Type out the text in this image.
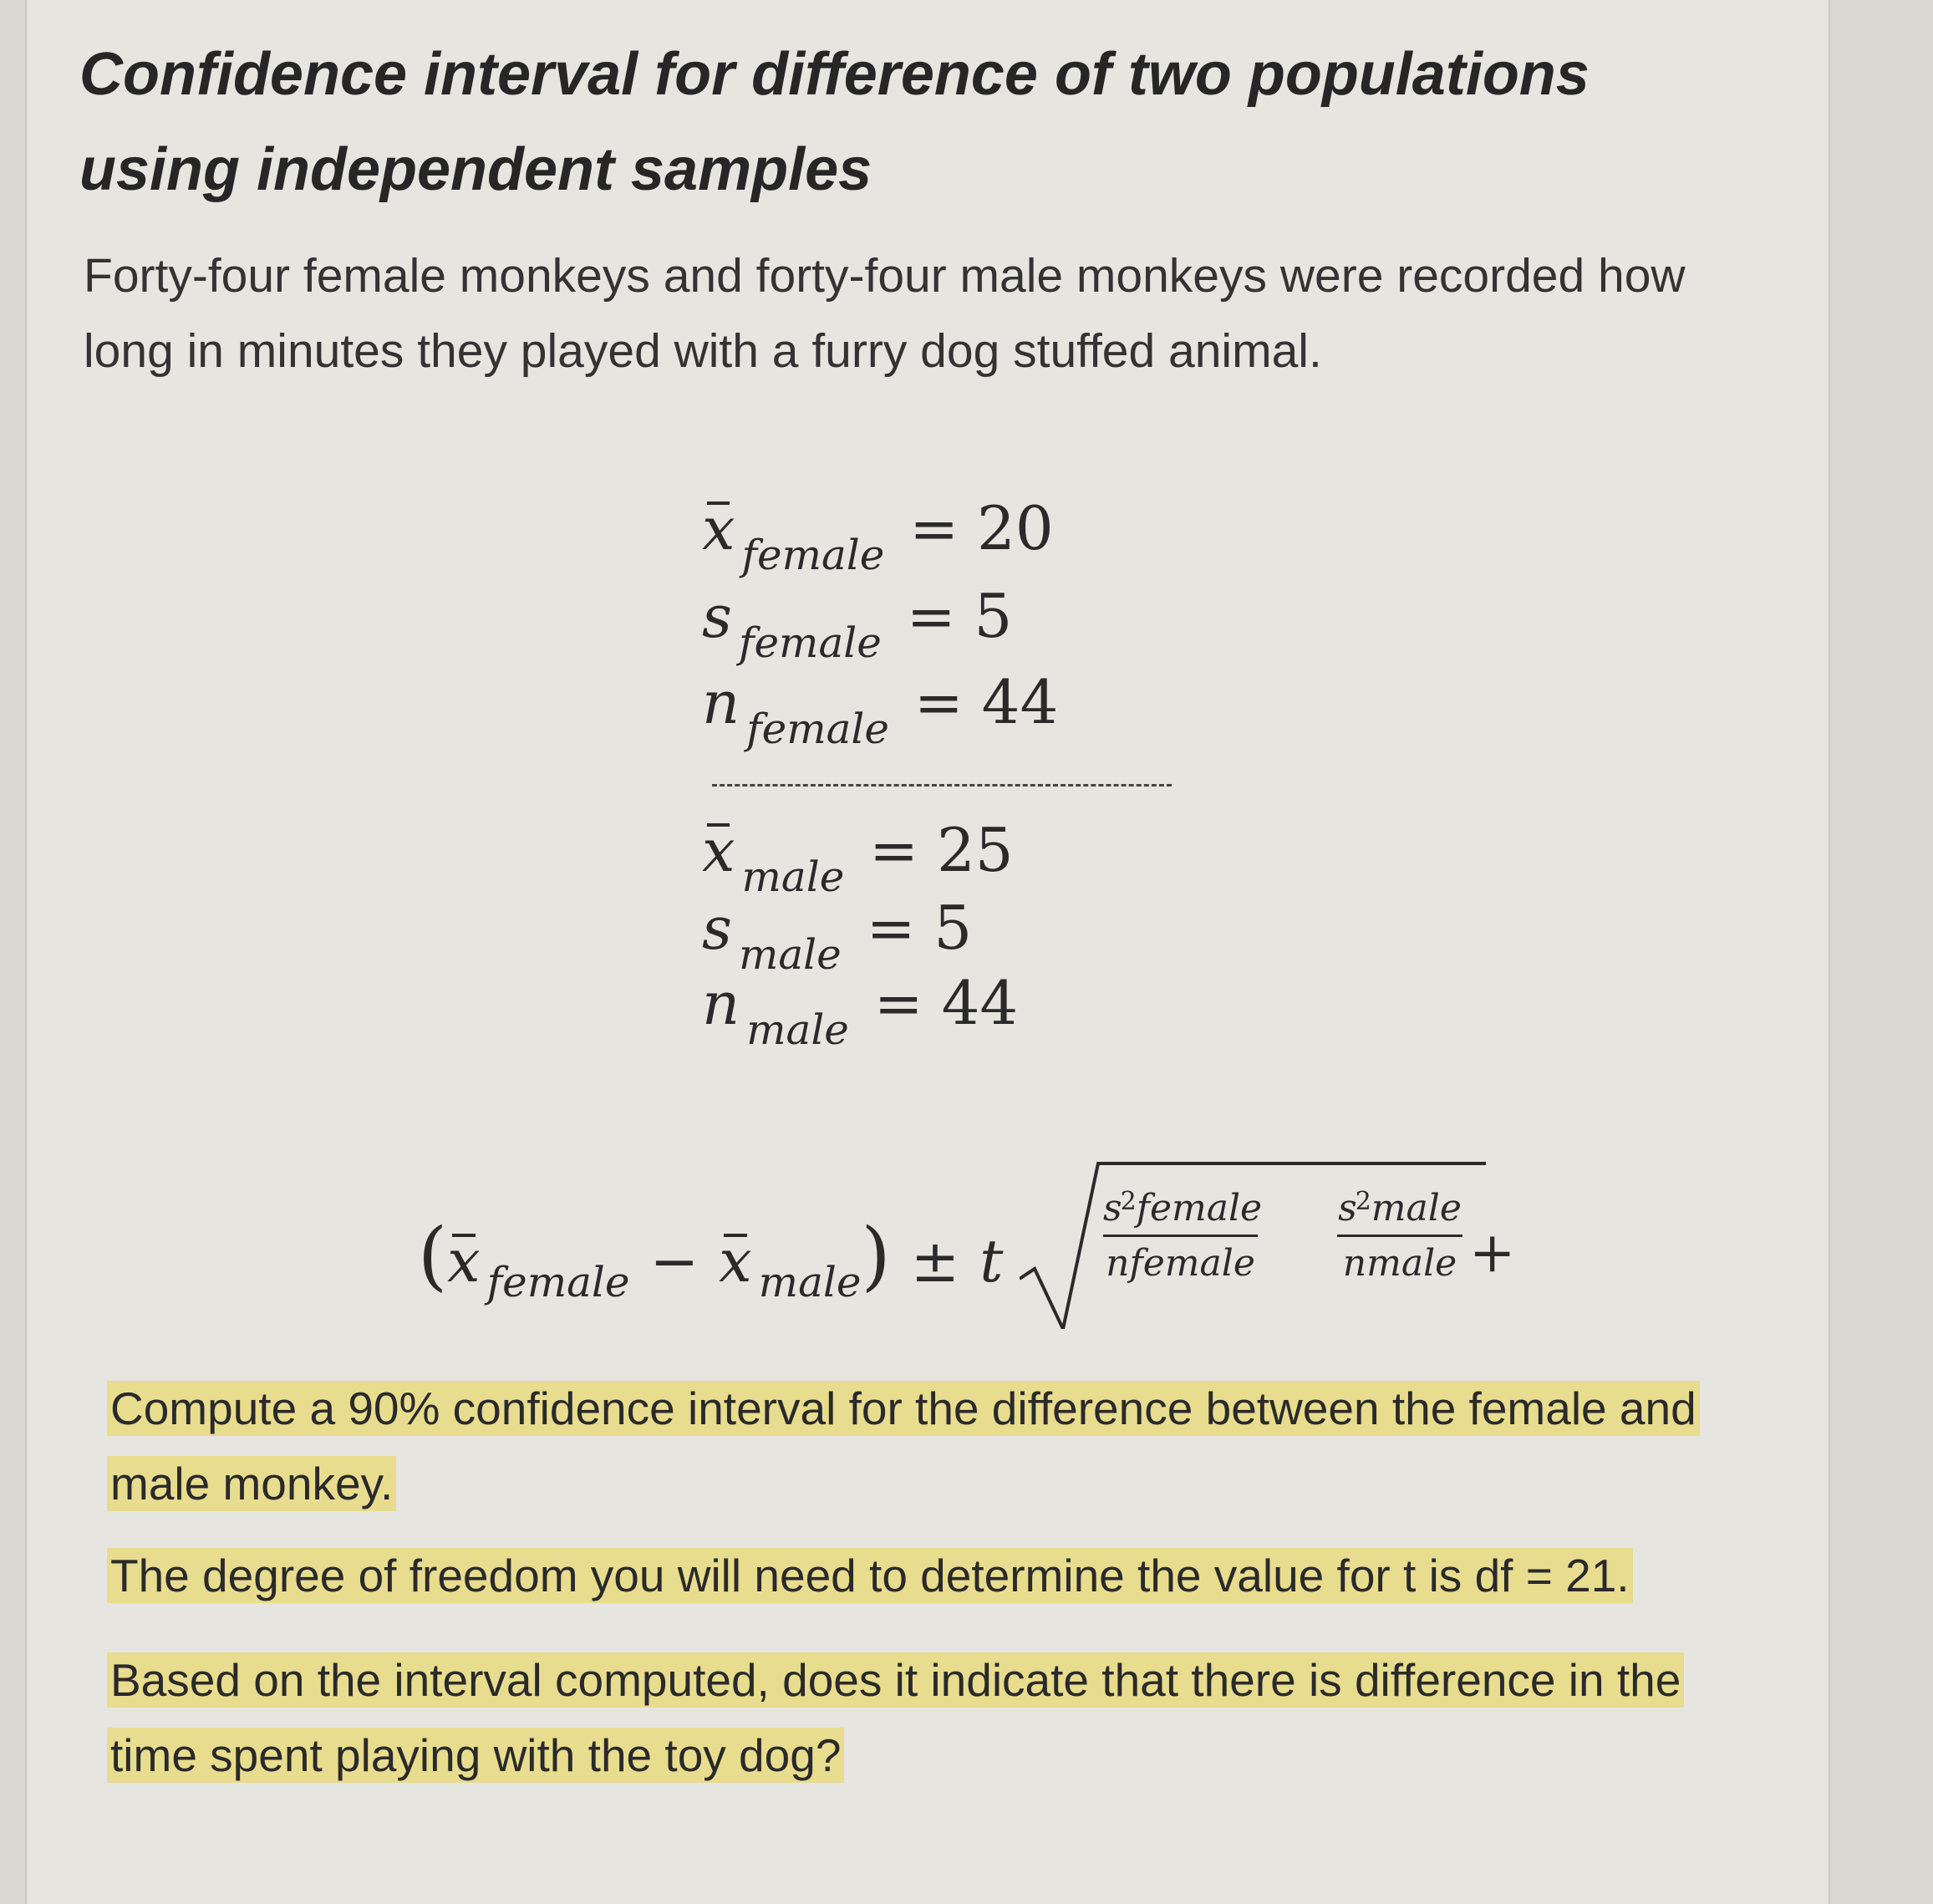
Confidence interval for difference of two populations using independent samples
Forty-four female monkeys and forty-four male monkeys were recorded how long in minutes they played with a furry dog stuffed animal.
x female = 20
s female = 5
n female = 44
x male = 25
s male = 5
n male = 44
( x female − x male ) ± t
$s^2female$
nfemale	+
$s^2male$
nmale
Compute a 90% confidence interval for the difference between the female and male monkey.
The degree of freedom you will need to determine the value for t is df = 21.
Based on the interval computed, does it indicate that there is difference in the time spent playing with the toy dog?
